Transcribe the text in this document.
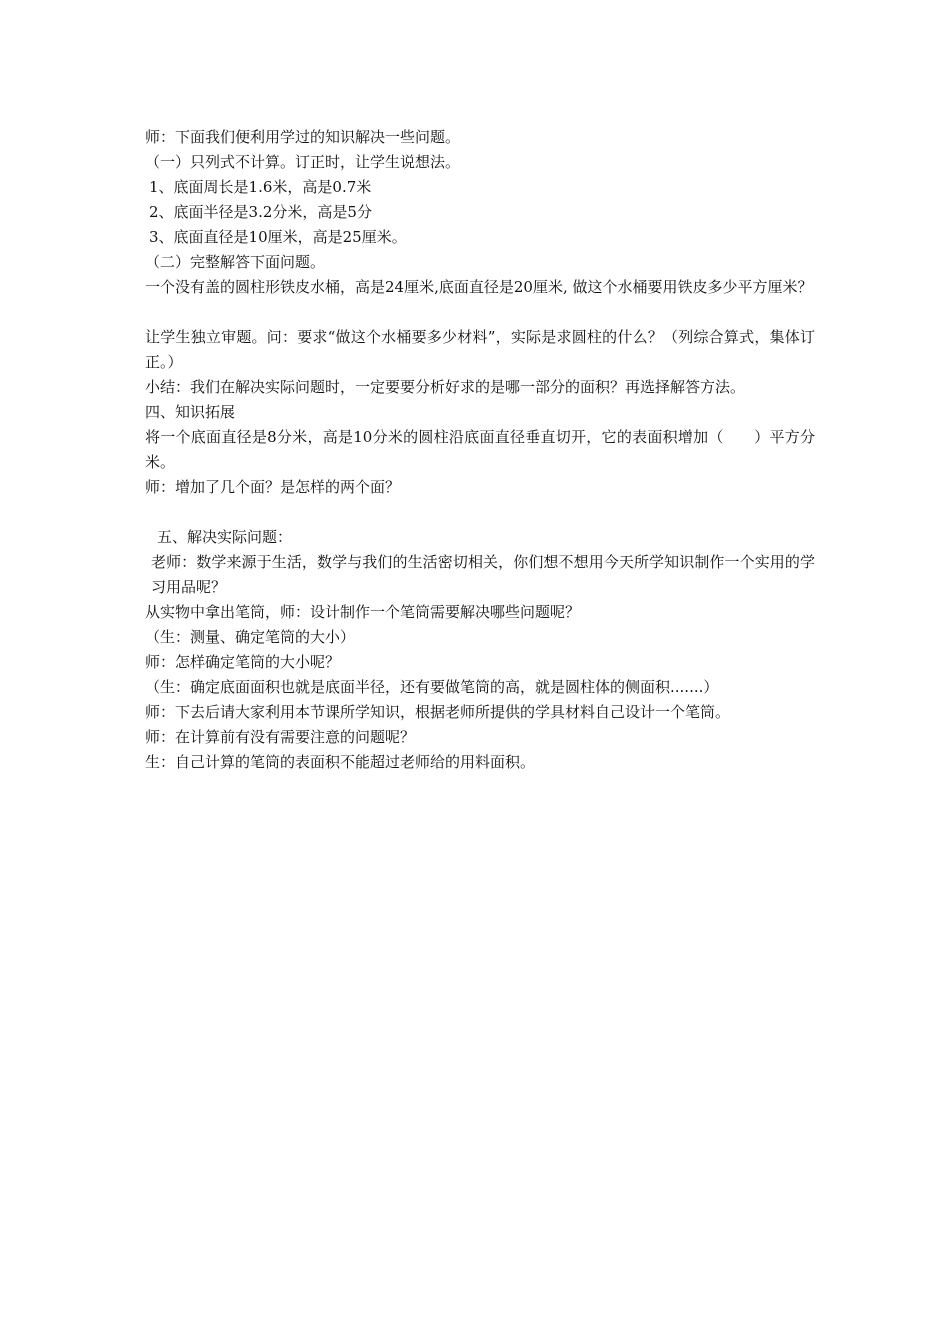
师：下面我们便利用学过的知识解决一些问题。

（一）只列式不计算。订正时，让学生说想法。

1、底面周长是1.6米，高是0.7米

2、底面半径是3.2分米，高是5分

3、底面直径是10厘米，高是25厘米。

（二）完整解答下面问题。

一个没有盖的圆柱形铁皮水桶，高是24厘米,底面直径是20厘米, 做这个水桶要用铁皮多少平方厘米？

让学生独立审题。问：要求“做这个水桶要多少材料”，实际是求圆柱的什么？（列综合算式，集体订正。）

小结：我们在解决实际问题时，一定要要分析好求的是哪一部分的面积？再选择解答方法。

四、知识拓展

将一个底面直径是8分米，高是10分米的圆柱沿底面直径垂直切开，它的表面积增加（　　）平方分米。

师：增加了几个面？是怎样的两个面？

五、解决实际问题：

老师：数学来源于生活，数学与我们的生活密切相关，你们想不想用今天所学知识制作一个实用的学习用品呢？

从实物中拿出笔筒，师：设计制作一个笔筒需要解决哪些问题呢？

（生：测量、确定笔筒的大小）

师：怎样确定笔筒的大小呢？

（生：确定底面面积也就是底面半径，还有要做笔筒的高，就是圆柱体的侧面积.......）

师：下去后请大家利用本节课所学知识，根据老师所提供的学具材料自己设计一个笔筒。

师：在计算前有没有需要注意的问题呢？

生：自己计算的笔筒的表面积不能超过老师给的用料面积。
